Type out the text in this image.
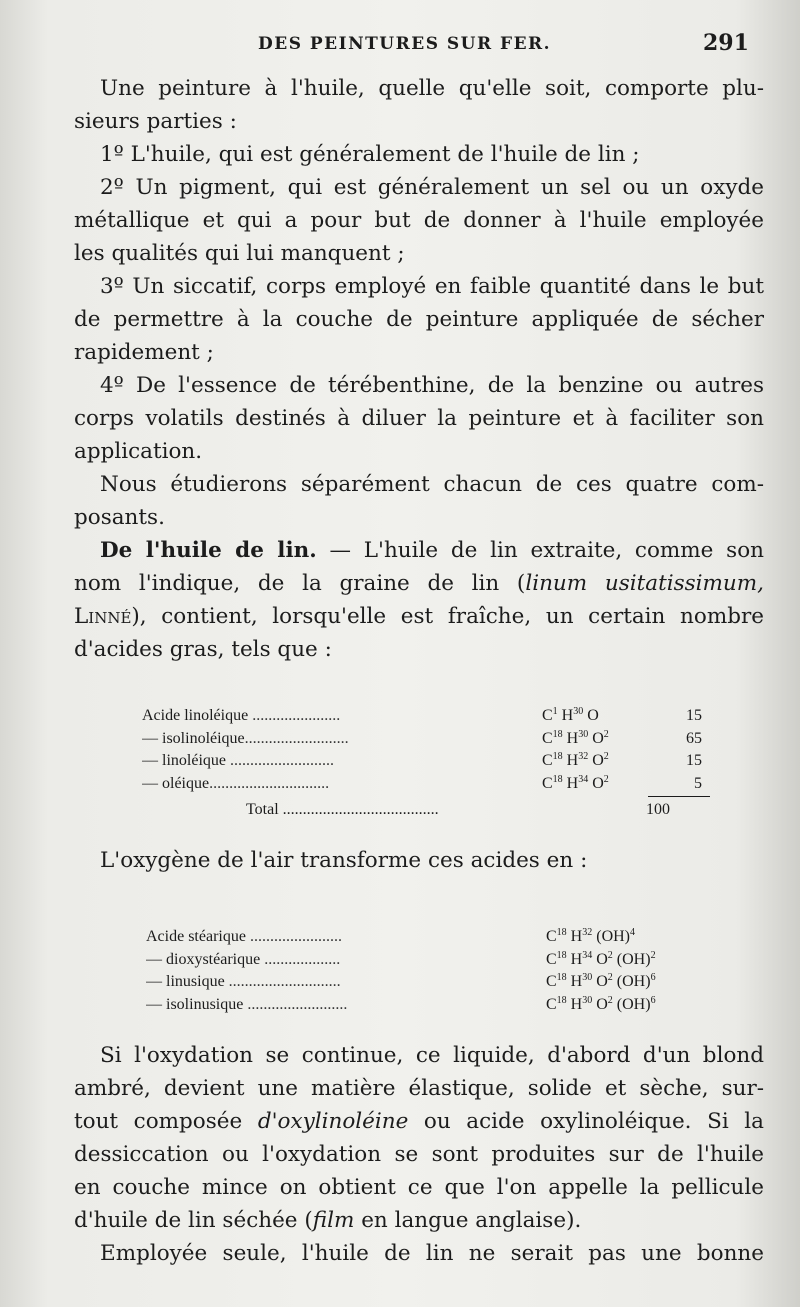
DES PEINTURES SUR FER.	291
Une peinture à l'huile, quelle qu'elle soit, comporte plu-
sieurs parties :
1º L'huile, qui est généralement de l'huile de lin ;
2º Un pigment, qui est généralement un sel ou un oxyde
métallique et qui a pour but de donner à l'huile employée
les qualités qui lui manquent ;
3º Un siccatif, corps employé en faible quantité dans le but
de permettre à la couche de peinture appliquée de sécher
rapidement ;
4º De l'essence de térébenthine, de la benzine ou autres
corps volatils destinés à diluer la peinture et à faciliter son
application.
Nous étudierons séparément chacun de ces quatre com-
posants.
De l'huile de lin. — L'huile de lin extraite, comme son
nom l'indique, de la graine de lin (linum usitatissimum,
Linné), contient, lorsqu'elle est fraîche, un certain nombre
d'acides gras, tels que :
Acide linoléique ......................	$C^1$ $H^{30}$ O	15
— isolinoléique..........................	$C^{18}$ $H^{30}$ $O^2$	65
— linoléique ..........................	$C^{18}$ $H^{32}$ $O^2$	15
— oléique..............................	$C^{18}$ $H^{34}$ $O^2$	5
Total .......................................	100
L'oxygène de l'air transforme ces acides en :
Acide stéarique .......................	$C^{18}$ $H^{32}$ (OH)$^4$
— dioxystéarique ...................	$C^{18}$ $H^{34}$ $O^2$ (OH)$^2$
— linusique ............................	$C^{18}$ $H^{30}$ $O^2$ (OH)$^6$
— isolinusique .........................	$C^{18}$ $H^{30}$ $O^2$ (OH)$^6$
Si l'oxydation se continue, ce liquide, d'abord d'un blond
ambré, devient une matière élastique, solide et sèche, sur-
tout composée d'oxylinoléine ou acide oxylinoléique. Si la
dessiccation ou l'oxydation se sont produites sur de l'huile
en couche mince on obtient ce que l'on appelle la pellicule
d'huile de lin séchée (film en langue anglaise).
Employée seule, l'huile de lin ne serait pas une bonne
